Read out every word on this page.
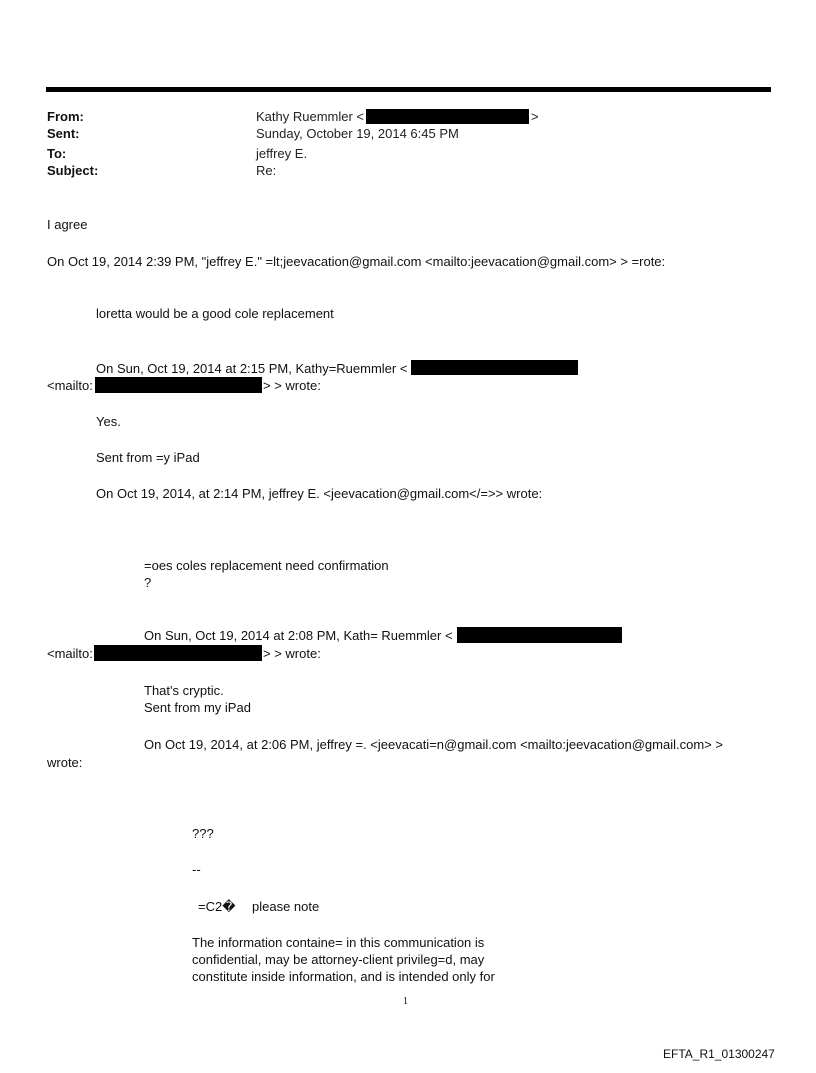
From:	Kathy Ruemmler <	>
Sent:	Sunday, October 19, 2014 6:45 PM
To:	jeffrey E.
Subject:	Re:
I agree
On Oct 19, 2014 2:39 PM, "jeffrey E." =lt;jeevacation@gmail.com <mailto:jeevacation@gmail.com> > =rote:
loretta would be a good cole replacement
On Sun, Oct 19, 2014 at 2:15 PM, Kathy=Ruemmler <
<mailto:	> > wrote:
Yes.
Sent from =y iPad
On Oct 19, 2014, at 2:14 PM, jeffrey E. <jeevacation@gmail.com</=>> wrote:
=oes coles replacement need confirmation
?
On Sun, Oct 19, 2014 at 2:08 PM, Kath= Ruemmler <
<mailto:	> > wrote:
That's cryptic.
Sent from my iPad
On Oct 19, 2014, at 2:06 PM, jeffrey =. <jeevacati=n@gmail.com <mailto:jeevacation@gmail.com> >
wrote:
???
--
=C2� please note
The information containe= in this communication is
confidential, may be attorney-client privileg=d, may
constitute inside information, and is intended only for
1
EFTA_R1_01300247
